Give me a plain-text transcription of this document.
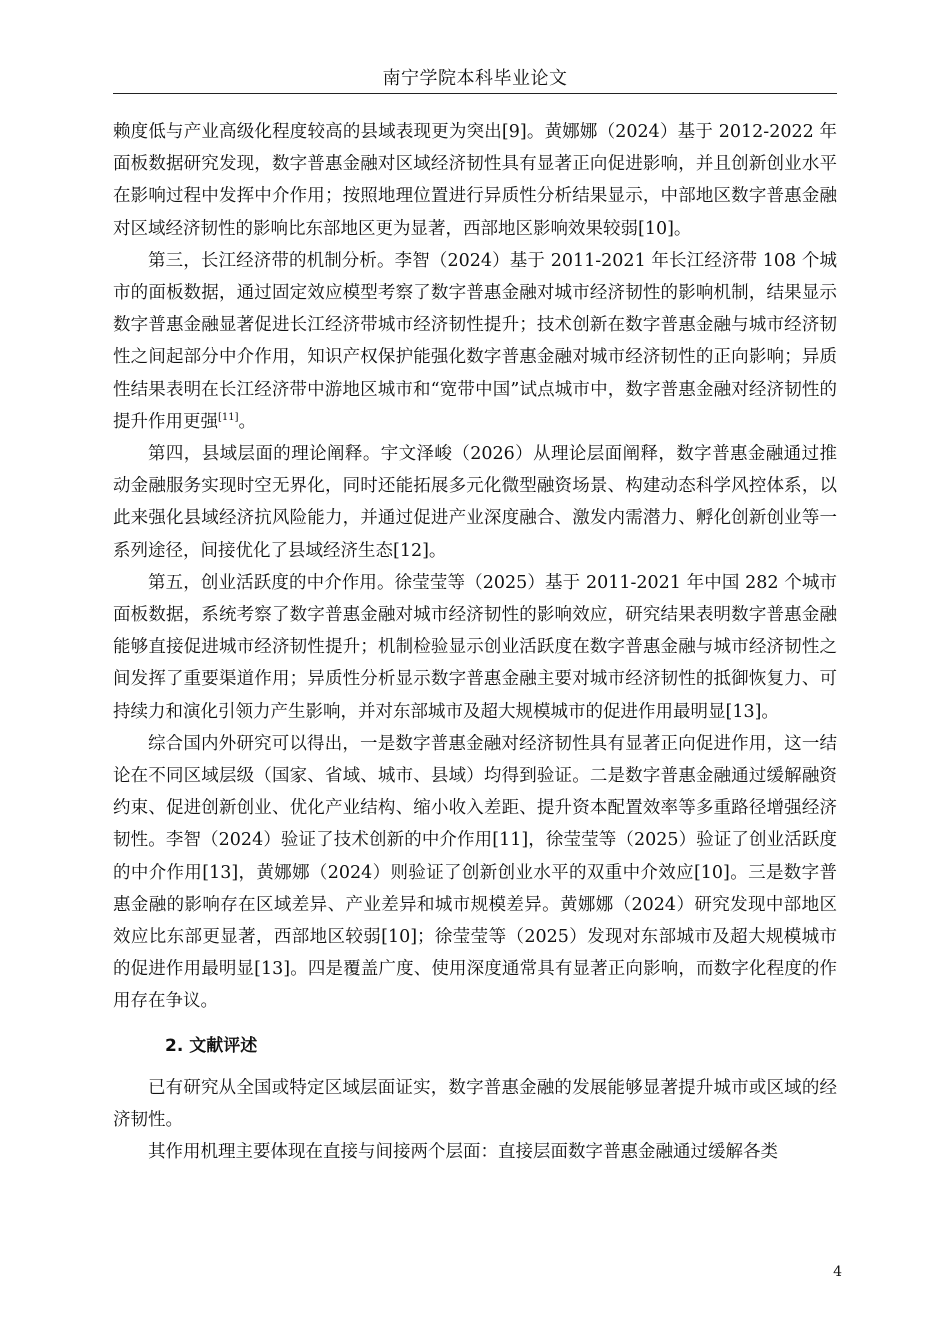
南宁学院本科毕业论文

赖度低与产业高级化程度较高的县域表现更为突出[9]。黄娜娜（2024）基于 2012-2022 年面板数据研究发现，数字普惠金融对区域经济韧性具有显著正向促进影响，并且创新创业水平在影响过程中发挥中介作用；按照地理位置进行异质性分析结果显示，中部地区数字普惠金融对区域经济韧性的影响比东部地区更为显著，西部地区影响效果较弱[10]。

第三，长江经济带的机制分析。李智（2024）基于 2011-2021 年长江经济带 108 个城市的面板数据，通过固定效应模型考察了数字普惠金融对城市经济韧性的影响机制，结果显示数字普惠金融显著促进长江经济带城市经济韧性提升；技术创新在数字普惠金融与城市经济韧性之间起部分中介作用，知识产权保护能强化数字普惠金融对城市经济韧性的正向影响；异质性结果表明在长江经济带中游地区城市和“宽带中国”试点城市中，数字普惠金融对经济韧性的提升作用更强[11]。

第四，县域层面的理论阐释。宇文泽峻（2026）从理论层面阐释，数字普惠金融通过推动金融服务实现时空无界化，同时还能拓展多元化微型融资场景、构建动态科学风控体系，以此来强化县域经济抗风险能力，并通过促进产业深度融合、激发内需潜力、孵化创新创业等一系列途径，间接优化了县域经济生态[12]。

第五，创业活跃度的中介作用。徐莹莹等（2025）基于 2011-2021 年中国 282 个城市面板数据，系统考察了数字普惠金融对城市经济韧性的影响效应，研究结果表明数字普惠金融能够直接促进城市经济韧性提升；机制检验显示创业活跃度在数字普惠金融与城市经济韧性之间发挥了重要渠道作用；异质性分析显示数字普惠金融主要对城市经济韧性的抵御恢复力、可持续力和演化引领力产生影响，并对东部城市及超大规模城市的促进作用最明显[13]。

综合国内外研究可以得出，一是数字普惠金融对经济韧性具有显著正向促进作用，这一结论在不同区域层级（国家、省域、城市、县域）均得到验证。二是数字普惠金融通过缓解融资约束、促进创新创业、优化产业结构、缩小收入差距、提升资本配置效率等多重路径增强经济韧性。李智（2024）验证了技术创新的中介作用[11]，徐莹莹等（2025）验证了创业活跃度的中介作用[13]，黄娜娜（2024）则验证了创新创业水平的双重中介效应[10]。三是数字普惠金融的影响存在区域差异、产业差异和城市规模差异。黄娜娜（2024）研究发现中部地区效应比东部更显著，西部地区较弱[10]；徐莹莹等（2025）发现对东部城市及超大规模城市的促进作用最明显[13]。四是覆盖广度、使用深度通常具有显著正向影响，而数字化程度的作用存在争议。

2. 文献评述

已有研究从全国或特定区域层面证实，数字普惠金融的发展能够显著提升城市或区域的经济韧性。

其作用机理主要体现在直接与间接两个层面：直接层面数字普惠金融通过缓解各类

4
